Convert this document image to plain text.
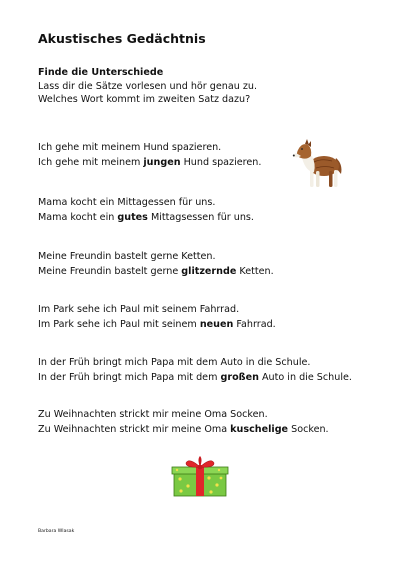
Akustisches Gedächtnis
Finde die Unterschiede
Lass dir die Sätze vorlesen und hör genau zu.
Welches Wort kommt im zweiten Satz dazu?
Ich gehe mit meinem Hund spazieren.
Ich gehe mit meinem jungen Hund spazieren.
Mama kocht ein Mittagessen für uns.
Mama kocht ein gutes Mittagsessen für uns.
Meine Freundin bastelt gerne Ketten.
Meine Freundin bastelt gerne glitzernde Ketten.
Im Park sehe ich Paul mit seinem Fahrrad.
Im Park sehe ich Paul mit seinem neuen Fahrrad.
In der Früh bringt mich Papa mit dem Auto in die Schule.
In der Früh bringt mich Papa mit dem großen Auto in die Schule.
Zu Weihnachten strickt mir meine Oma Socken.
Zu Weihnachten strickt mir meine Oma kuschelige Socken.
Barbara Wlasak
